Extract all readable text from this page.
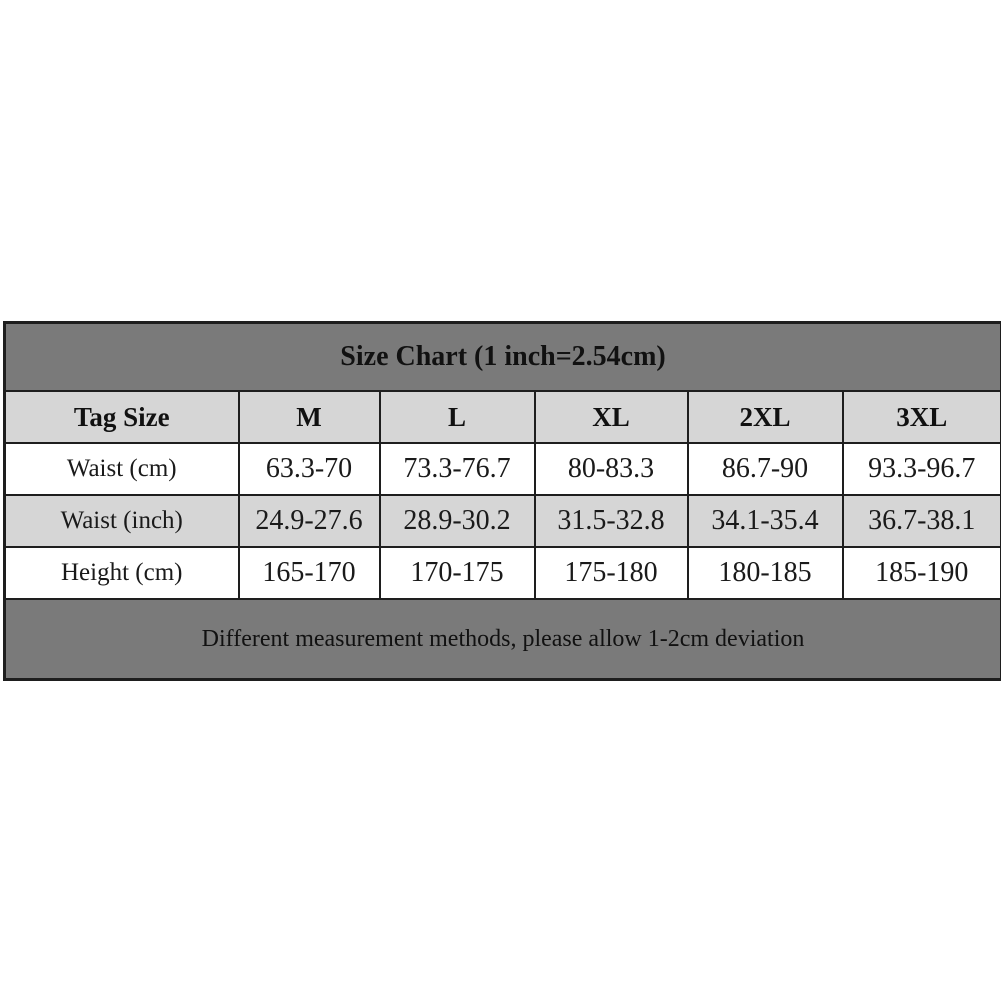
Size Chart (1 inch=2.54cm)					
Tag Size	M	L	XL	2XL	3XL
Waist (cm)	63.3-70	73.3-76.7	80-83.3	86.7-90	93.3-96.7
Waist (inch)	24.9-27.6	28.9-30.2	31.5-32.8	34.1-35.4	36.7-38.1
Height (cm)	165-170	170-175	175-180	180-185	185-190
Different measurement methods, please allow 1-2cm deviation					
